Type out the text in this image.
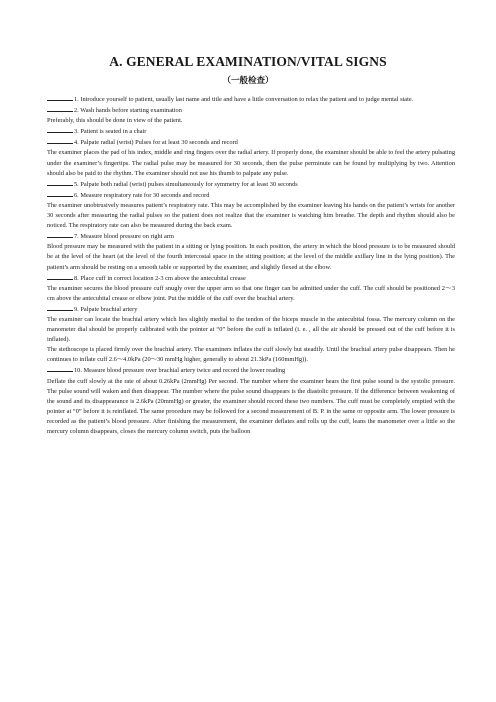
A. GENERAL EXAMINATION/VITAL SIGNS
（一般检查）

1. Introduce yourself to patient, usually last name and title and have a little conversation to relax the patient and to judge mental state.

2. Wash hands before starting examination

Preferably, this should be done in view of the patient.

3. Patient is seated in a chair

4. Palpate radial (wrist) Pulses for at least 30 seconds and record

The examiner places the pad of his index, middle and ring fingers over the radial artery. If properly done, the examiner should be able to feel the artery pulsating under the examiner’s fingertips. The radial pulse may be measured for 30 seconds, then the pulse perminute can be found by multiplying by two. Attention should also be paid to the rhythm. The examiner should not use his thumb to palpate any pulse.

5. Palpate both radial (wrist) pulses simultaneously for symmetry for at least 30 seconds

6. Measure respiratory rate for 30 seconds and record

The examiner unobtrusively measures patient’s respiratory rate. This may be accomplished by the examiner leaving his hands on the patient’s wrists for another 30 seconds after measuring the radial pulses so the patient does not realize that the examiner is watching him breathe. The depth and rhythm should also be noticed. The respiratory rate can also be measured during the back exam.

7. Measure blood pressure on right arm

Blood pressure may be measured with the patient in a sitting or lying position. In each position, the artery in which the blood pressure is to be measured should be at the level of the heart (at the level of the fourth intercostal space in the sitting position; at the level of the middle axillary line in the lying position). The patient’s arm should be resting on a smooth table or supported by the examiner, and slightly flexed at the elbow.

8. Place cuff in correct location 2-3 cm above the antecubital crease

The examiner secures the blood pressure cuff snugly over the upper arm so that one finger can be admitted under the cuff. The cuff should be positioned 2～3 cm above the antecubital crease or elbow joint. Put the middle of the cuff over the brachial artery.

9. Palpate brachial artery

The examiner can locate the brachial artery which lies slightly medial to the tendon of the biceps muscle in the antecubital fossa. The mercury column on the manometer dial should be properly calibrated with the pointer at “0” before the cuff is inflated (i. e. , all the air should be pressed out of the cuff before it is inflated).

The stethoscope is placed firmly over the brachial artery. The examiners inflates the cuff slowly but steadily. Until the brachial artery pulse disappears. Then he continues to inflate cuff 2.6～4.0kPa (20～30 mmHg higher, generally to about 21.3kPa (160mmHg)).

10. Measure blood pressure over brachial artery twice and record the lower reading

Deflate the cuff slowly at the rate of about 0.26kPa (2mmHg) Per second. The number where the examiner hears the first pulse sound is the systolic pressure. The pulse sound will waken and then disappear. The number where the pulse sound disappears is the diastolic pressure. If the difference between weakening of the sound and its disappearance is 2.6kPa (20mmHg) or greater, the examiner should record these two numbers. The cuff must be completely emptied with the pointer at “0” before it is reinflated. The same procedure may be followed for a second measurement of B. P. in the same or opposite arm. The lower pressure is recorded as the patient’s blood pressure. After finishing the measurement, the examiner deflates and rolls up the cuff, leans the manometer over a little so the mercury column disappears, closes the mercury column switch, puts the balloon
